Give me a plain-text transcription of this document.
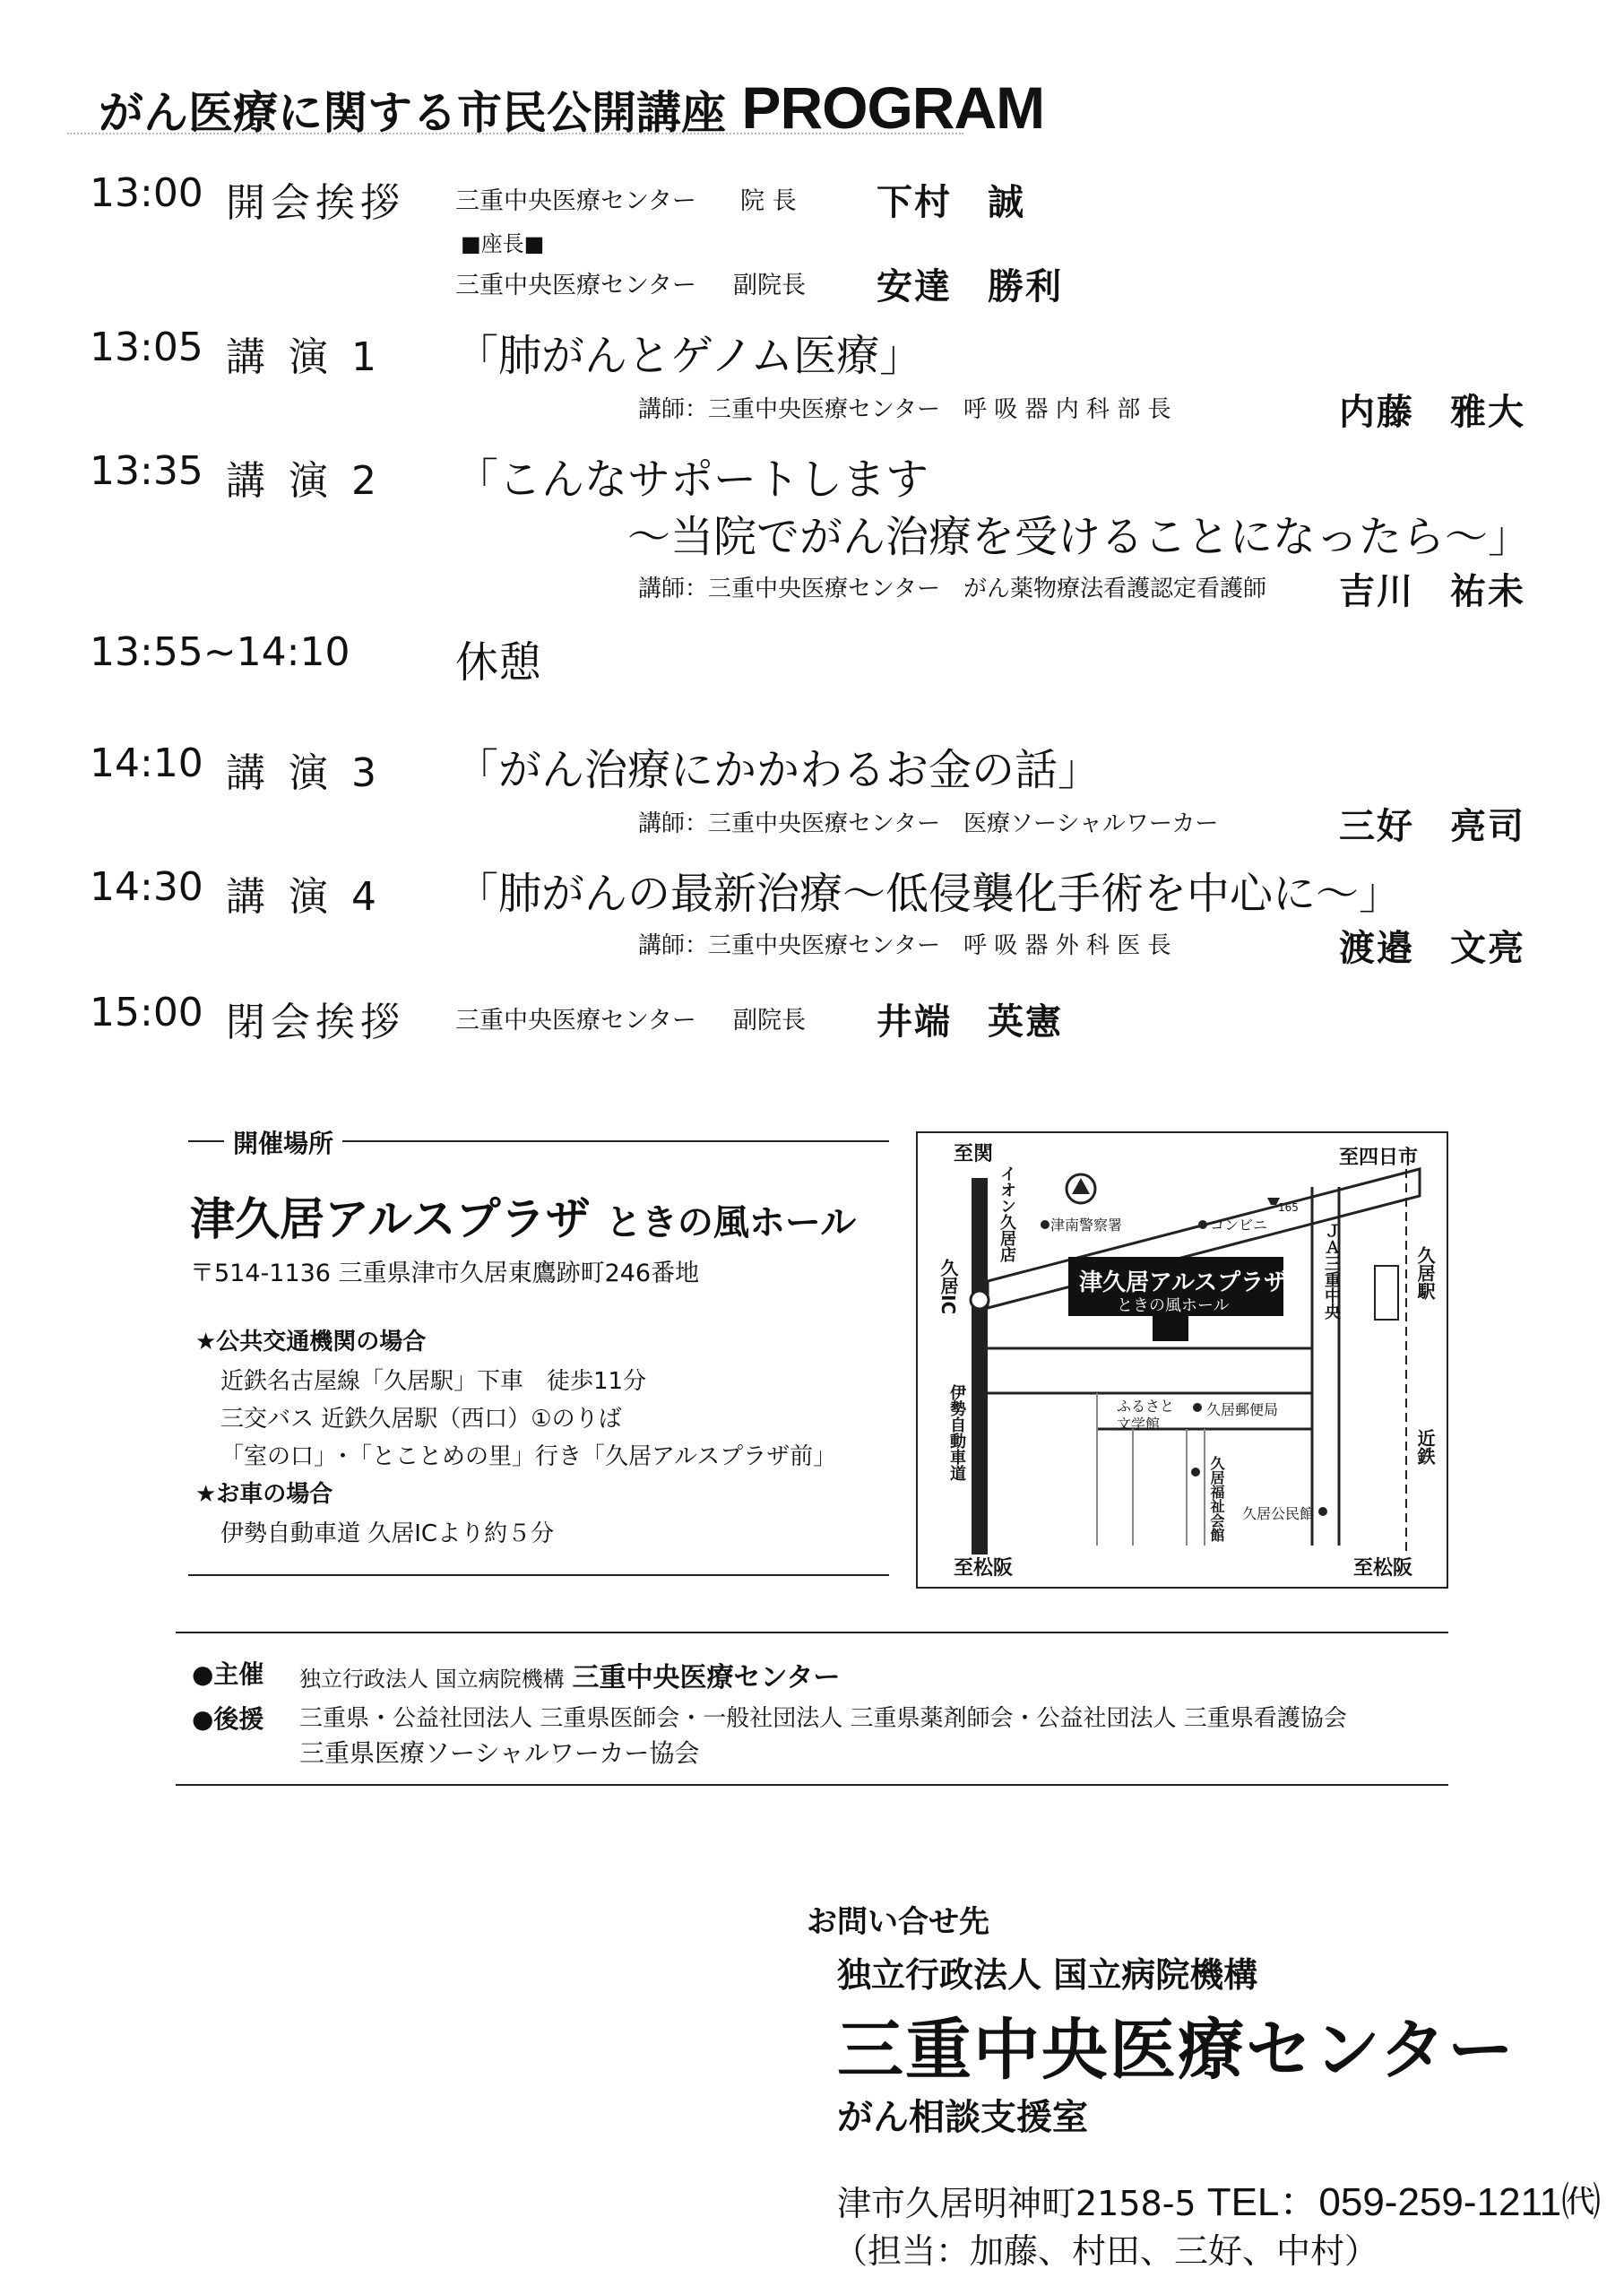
がん医療に関する市民公開講座 PROGRAM
13:00 開会挨拶 三重中央医療センター 院 長 下村 誠
■座長■
三重中央医療センター 副院長 安達 勝利
13:05 講 演 1 「肺がんとゲノム医療」
講師：三重中央医療センター　呼 吸 器 内 科 部 長	内藤 雅大
13:35 講 演 2 「こんなサポートします
〜当院でがん治療を受けることになったら〜」
講師：三重中央医療センター　がん薬物療法看護認定看護師 吉川 祐未
13:55~14:10 休憩
14:10 講 演 3 「がん治療にかかわるお金の話」
講師：三重中央医療センター　医療ソーシャルワーカー	三好 亮司
14:30 講 演 4 「肺がんの最新治療〜低侵襲化手術を中心に〜」
講師：三重中央医療センター　呼 吸 器 外 科 医 長	渡邉 文亮
15:00 閉会挨拶 三重中央医療センター 副院長 井端 英憲
開催場所
津久居アルスプラザ ときの風ホール
〒514-1136 三重県津市久居東鷹跡町246番地
★公共交通機関の場合
近鉄名古屋線「久居駅」下車　徒歩11分
三交バス 近鉄久居駅（西口）①のりば
「室の口」･「とことめの里」行き「久居アルスプラザ前」
★お車の場合
伊勢自動車道 久居ICより約５分
至関	至四日市
至松阪	至松阪
イオン久居店 津南警察署	コンビニ
165
ＪＡ三重中央
久居IC	津久居アルスプラザ
ときの風ホール
久居駅
ふるさと
文学館
久居郵便局
伊勢自動車道
久居福祉会館 久居公民館
近鉄
●主催 独立行政法人 国立病院機構 三重中央医療センター
●後援 三重県・公益社団法人 三重県医師会・一般社団法人 三重県薬剤師会・公益社団法人 三重県看護協会
三重県医療ソーシャルワーカー協会
お問い合せ先
独立行政法人 国立病院機構
三重中央医療センター
がん相談支援室
津市久居明神町2158-5 TEL：059-259-1211㈹
（担当：加藤、村田、三好、中村）
